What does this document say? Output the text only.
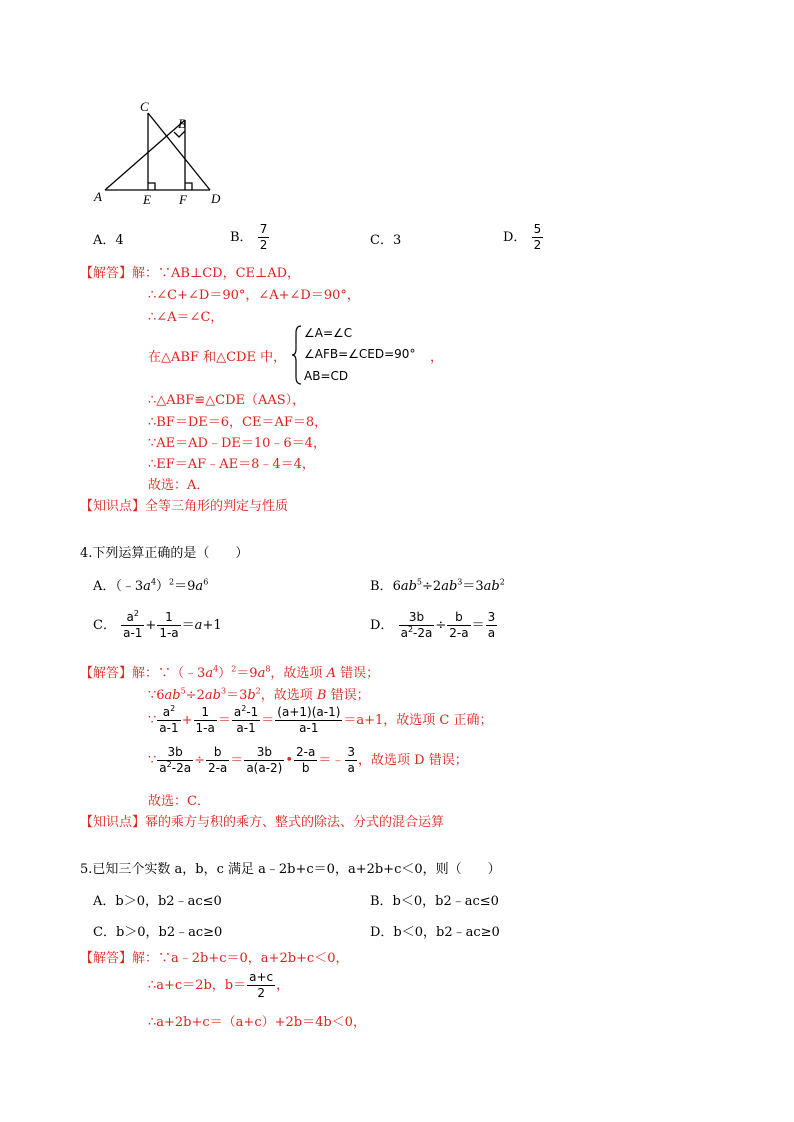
A
C
B
E F D
A．4	B． $\frac{7}{2}$	C．3	D． $\frac{5}{2}$
【解答】解：∵AB⊥CD，CE⊥AD，
∴∠C+∠D＝90°，∠A+∠D＝90°，
∴∠A＝∠C，
在△ABF 和△CDE 中，
∠A=∠C
∠AFB=∠CED=90°
AB=CD
，
∴△ABF≌△CDE（AAS），
∴BF＝DE＝6，CE＝AF＝8，
∵AE＝AD﹣DE＝10﹣6＝4，
∴EF＝AF﹣AE＝8﹣4＝4，
故选：A．
【知识点】全等三角形的判定与性质
4.下列运算正确的是（　　）
A．$(﹣3a^4)^2=9a^6$	B．$6ab^5\div 2ab^3=3ab^2$
C． $\frac{a^2}{a-1} + \frac{1}{1-a} =a+1$	D． $\frac{3b}{a^2-2a} \div \frac{b}{2-a} = \frac{3}{a}$
【解答】解：$\because(﹣3a^4)^2=9a^8$，故选项 A 错误；
$\because 6ab^5\div 2ab^3=3b^2$，故选项 B 错误；
∵ $\frac{a^2}{a-1} + \frac{1}{1-a} = \frac{a^2-1}{a-1} = \frac{(a+1)(a-1)}{a-1} =a+1$，故选项 C 正确；
∵ $\frac{3b}{a^2-2a} \div \frac{b}{2-a} = \frac{3b}{a(a-2)}$ • $\frac{2-a}{b}$ ＝﹣ $\frac{3}{a}$ ，故选项 D 错误；
故选：C．
【知识点】幂的乘方与积的乘方、整式的除法、分式的混合运算
5.已知三个实数 a，b，c 满足 a﹣2b+c＝0，a+2b+c＜0，则（　　）
A．b＞0，b2﹣ac≤0	B．b＜0，b2﹣ac≤0
C．b＞0，b2﹣ac≥0	D．b＜0，b2﹣ac≥0
【解答】解：∵a﹣2b+c＝0，a+2b+c＜0，
∴a+c＝2b，$b= \frac{a+c}{2}$ ，
∴a+2b+c＝（a+c）+2b＝4b＜0，
